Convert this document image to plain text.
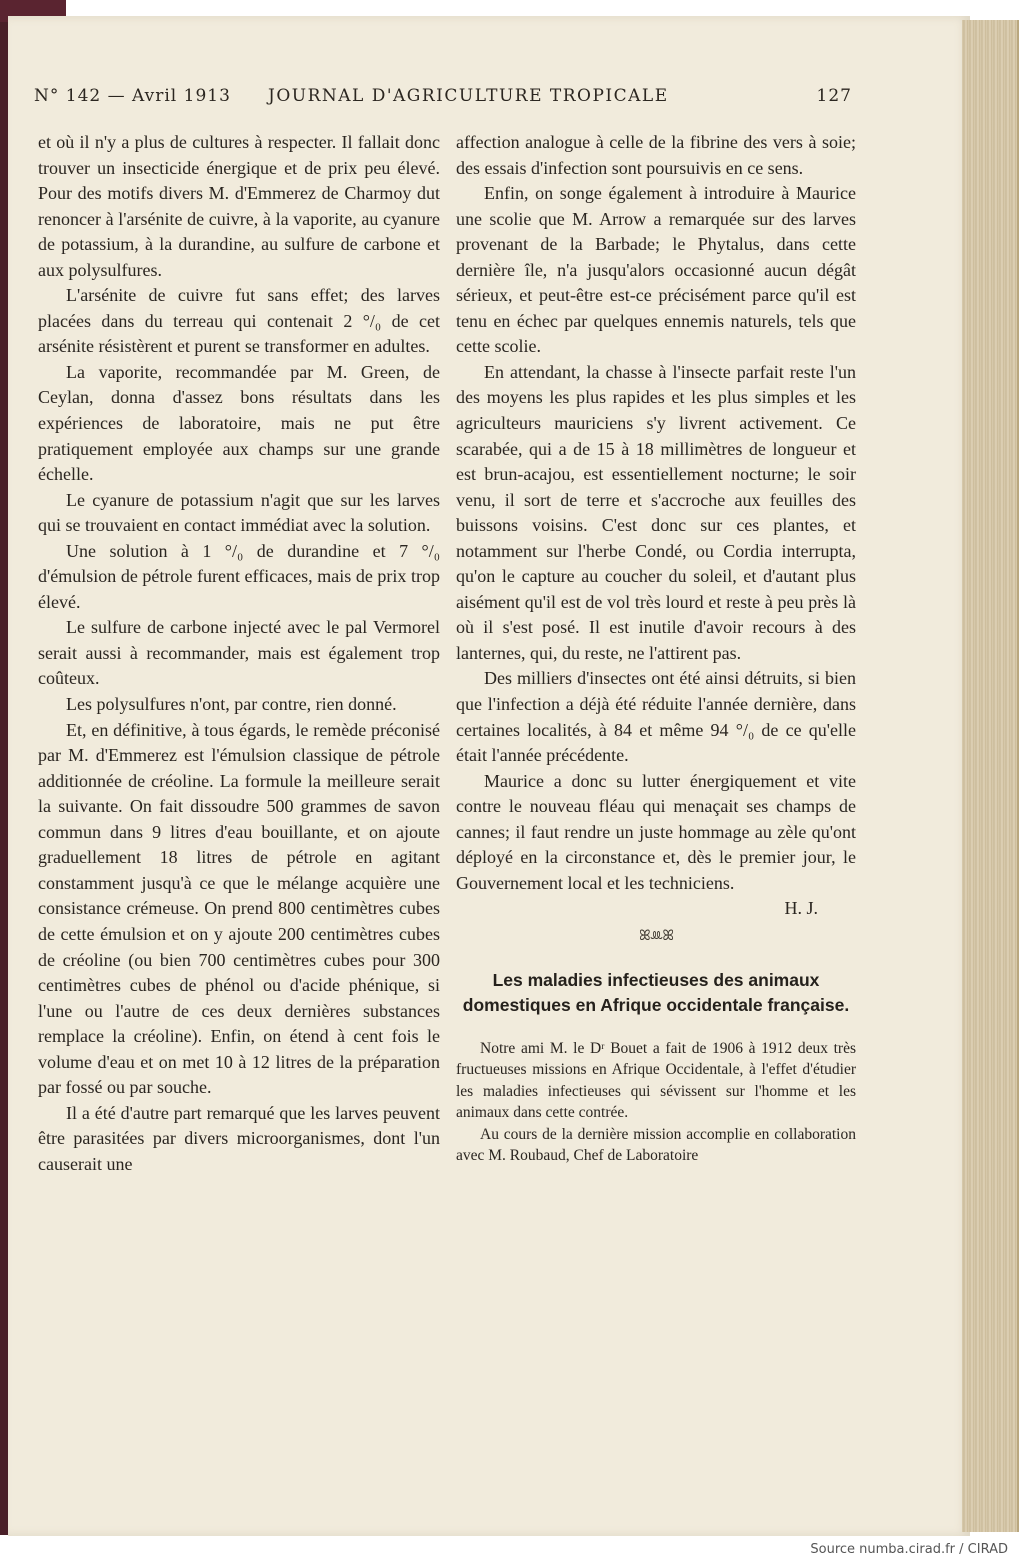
N° 142 — Avril 1913 JOURNAL D'AGRICULTURE TROPICALE	127

et où il n'y a plus de cultures à respecter. Il fallait donc trouver un insecticide énergique et de prix peu élevé. Pour des motifs divers M. d'Emmerez de Charmoy dut renoncer à l'arsénite de cuivre, à la vaporite, au cyanure de potassium, à la durandine, au sulfure de carbone et aux polysulfures.

L'arsénite de cuivre fut sans effet; des larves placées dans du terreau qui contenait 2 °/₀ de cet arsénite résistèrent et purent se transformer en adultes.

La vaporite, recommandée par M. Green, de Ceylan, donna d'assez bons résultats dans les expériences de laboratoire, mais ne put être pratiquement employée aux champs sur une grande échelle.

Le cyanure de potassium n'agit que sur les larves qui se trouvaient en contact immédiat avec la solution.

Une solution à 1 °/₀ de durandine et 7 °/₀ d'émulsion de pétrole furent efficaces, mais de prix trop élevé.

Le sulfure de carbone injecté avec le pal Vermorel serait aussi à recommander, mais est également trop coûteux.

Les polysulfures n'ont, par contre, rien donné.

Et, en définitive, à tous égards, le remède préconisé par M. d'Emmerez est l'émulsion classique de pétrole additionnée de créoline. La formule la meilleure serait la suivante. On fait dissoudre 500 grammes de savon commun dans 9 litres d'eau bouillante, et on ajoute graduellement 18 litres de pétrole en agitant constamment jusqu'à ce que le mélange acquière une consistance crémeuse. On prend 800 centimètres cubes de cette émulsion et on y ajoute 200 centimètres cubes de créoline (ou bien 700 centimètres cubes pour 300 centimètres cubes de phénol ou d'acide phénique, si l'une ou l'autre de ces deux dernières substances remplace la créoline). Enfin, on étend à cent fois le volume d'eau et on met 10 à 12 litres de la préparation par fossé ou par souche.

Il a été d'autre part remarqué que les larves peuvent être parasitées par divers microorganismes, dont l'un causerait une

affection analogue à celle de la fibrine des vers à soie; des essais d'infection sont poursuivis en ce sens.

Enfin, on songe également à introduire à Maurice une scolie que M. Arrow a remarquée sur des larves provenant de la Barbade; le Phytalus, dans cette dernière île, n'a jusqu'alors occasionné aucun dégât sérieux, et peut-être est-ce précisément parce qu'il est tenu en échec par quelques ennemis naturels, tels que cette scolie.

En attendant, la chasse à l'insecte parfait reste l'un des moyens les plus rapides et les plus simples et les agriculteurs mauriciens s'y livrent activement. Ce scarabée, qui a de 15 à 18 millimètres de longueur et est brun-acajou, est essentiellement nocturne; le soir venu, il sort de terre et s'accroche aux feuilles des buissons voisins. C'est donc sur ces plantes, et notamment sur l'herbe Condé, ou Cordia interrupta, qu'on le capture au coucher du soleil, et d'autant plus aisément qu'il est de vol très lourd et reste à peu près là où il s'est posé. Il est inutile d'avoir recours à des lanternes, qui, du reste, ne l'attirent pas.

Des milliers d'insectes ont été ainsi détruits, si bien que l'infection a déjà été réduite l'année dernière, dans certaines localités, à 84 et même 94 °/₀ de ce qu'elle était l'année précédente.

Maurice a donc su lutter énergiquement et vite contre le nouveau fléau qui menaçait ses champs de cannes; il faut rendre un juste hommage au zèle qu'ont déployé en la circonstance et, dès le premier jour, le Gouvernement local et les techniciens.

H. J.

ꕤꔛꕤ
Les maladies infectieuses des animaux domestiques en Afrique occidentale française.

Notre ami M. le Dʳ Bouet a fait de 1906 à 1912 deux très fructueuses missions en Afrique Occidentale, à l'effet d'étudier les maladies infectieuses qui sévissent sur l'homme et les animaux dans cette contrée.

Au cours de la dernière mission accomplie en collaboration avec M. Roubaud, Chef de Laboratoire

Source numba.cirad.fr / CIRAD
